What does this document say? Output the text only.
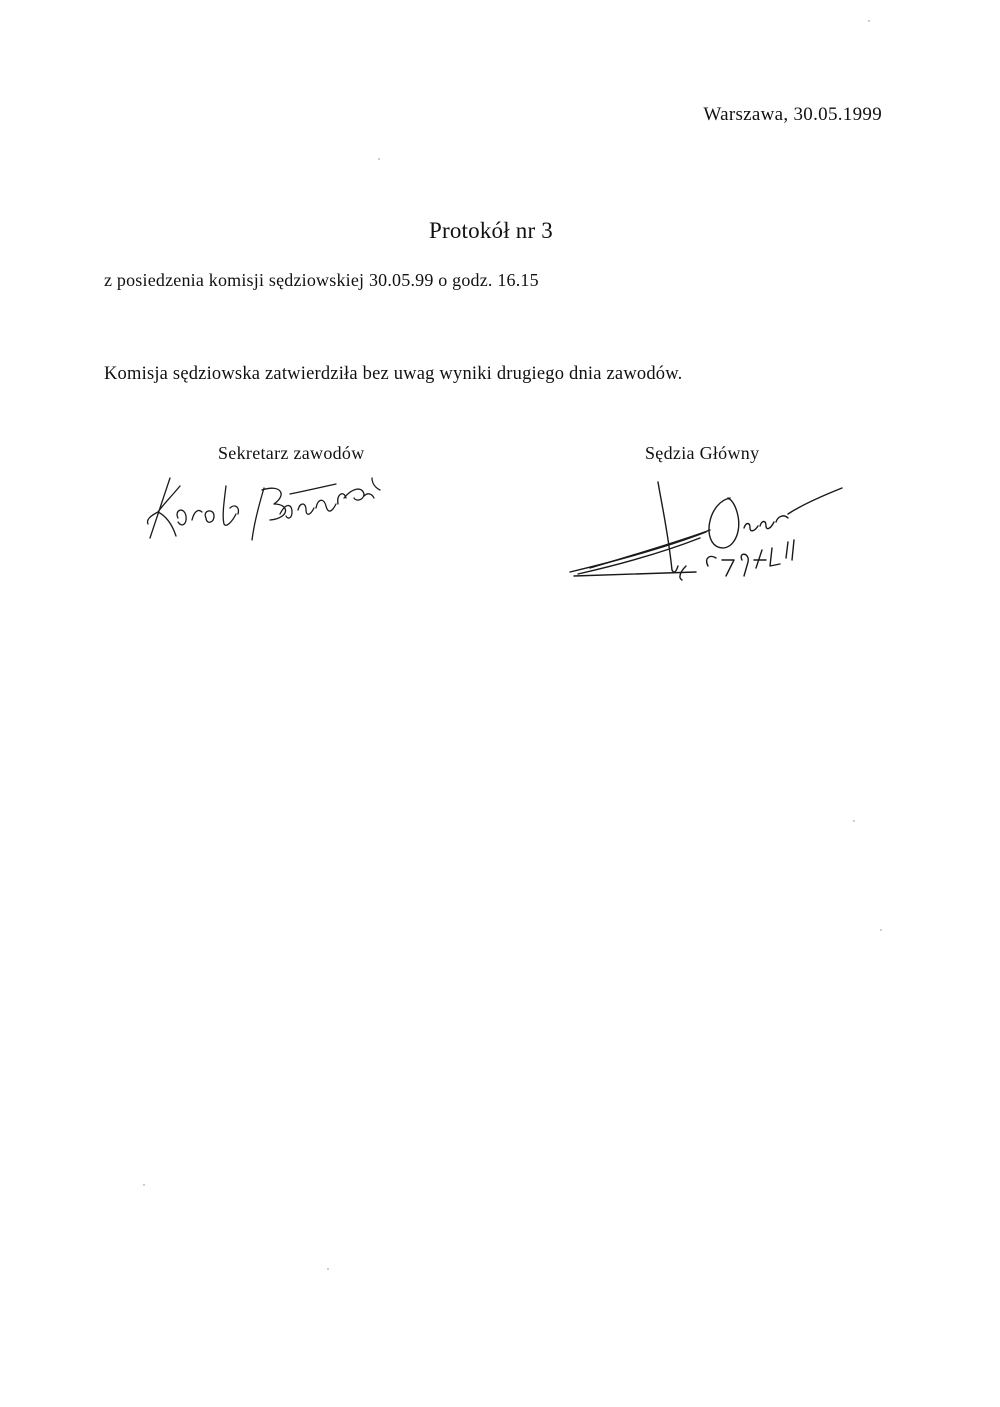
Warszawa, 30.05.1999
Protokół nr 3
z posiedzenia komisji sędziowskiej 30.05.99 o godz. 16.15
Komisja sędziowska zatwierdziła bez uwag wyniki drugiego dnia zawodów.
Sekretarz zawodów	Sędzia Główny
